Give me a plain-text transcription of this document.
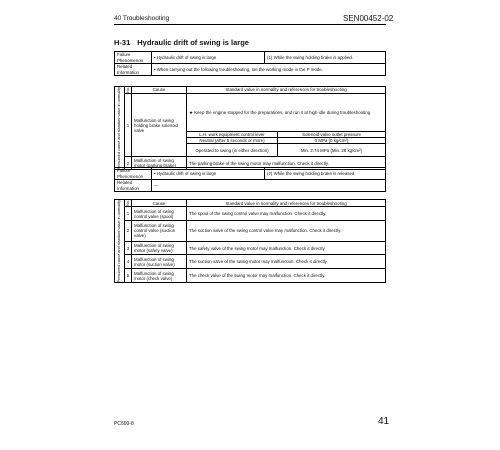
40 Troubleshooting	SEN00452-02
H-31 Hydraulic drift of swing is large
Failure Phenomenon	• Hydraulic drift of swing is large	(1) While the swing holding brake is applied.
Related Information	• When carrying out the following troubleshooting, set the working mode in the P mode.	
Presumed cause and standard value in normality	No.	Cause	Standard value in normality and references for troubleshooting	
	1	Malfunction of swing holding brake solenoid valve	★ Keep the engine stopped for the preparations, and run it at high idle during troubleshooting.	
			L.H. work equipment control lever	Solenoid valve outlet pressure
			Neutral (After 5 seconds or more)	0 MPa {0 kg/cm²}
			Operated to swing (in either direction)	Min. 2.74 MPa {Min. 28 kg/cm²}
	2	Malfunction of swing motor (parking brake)	The parking brake of the swing motor may malfunction. Check it directly.	
Failure Phenomenon	• Hydraulic drift of swing is large	(2) While the swing holding brake is released.
Related Information	—	
Presumed cause and standard value in normality	No.	Cause	Standard value in normality and references for troubleshooting
	1	Malfunction of swing control valve (spool)	The spool of the swing control valve may malfunction. Check it directly.
	2	Malfunction of swing control valve (suction valve)	The suction valve of the swing control valve may malfunction. Check it directly.
	3	Malfunction of swing motor (safety valve)	The safety valve of the swing motor may malfunction. Check it directly.
	4	Malfunction of swing motor (suction valve)	The suction valve of the swing motor may malfunction. Check it directly.
	5	Malfunction of swing motor (check valve)	The check valve of the swing motor may malfunction. Check it directly.
PC600-8	41
